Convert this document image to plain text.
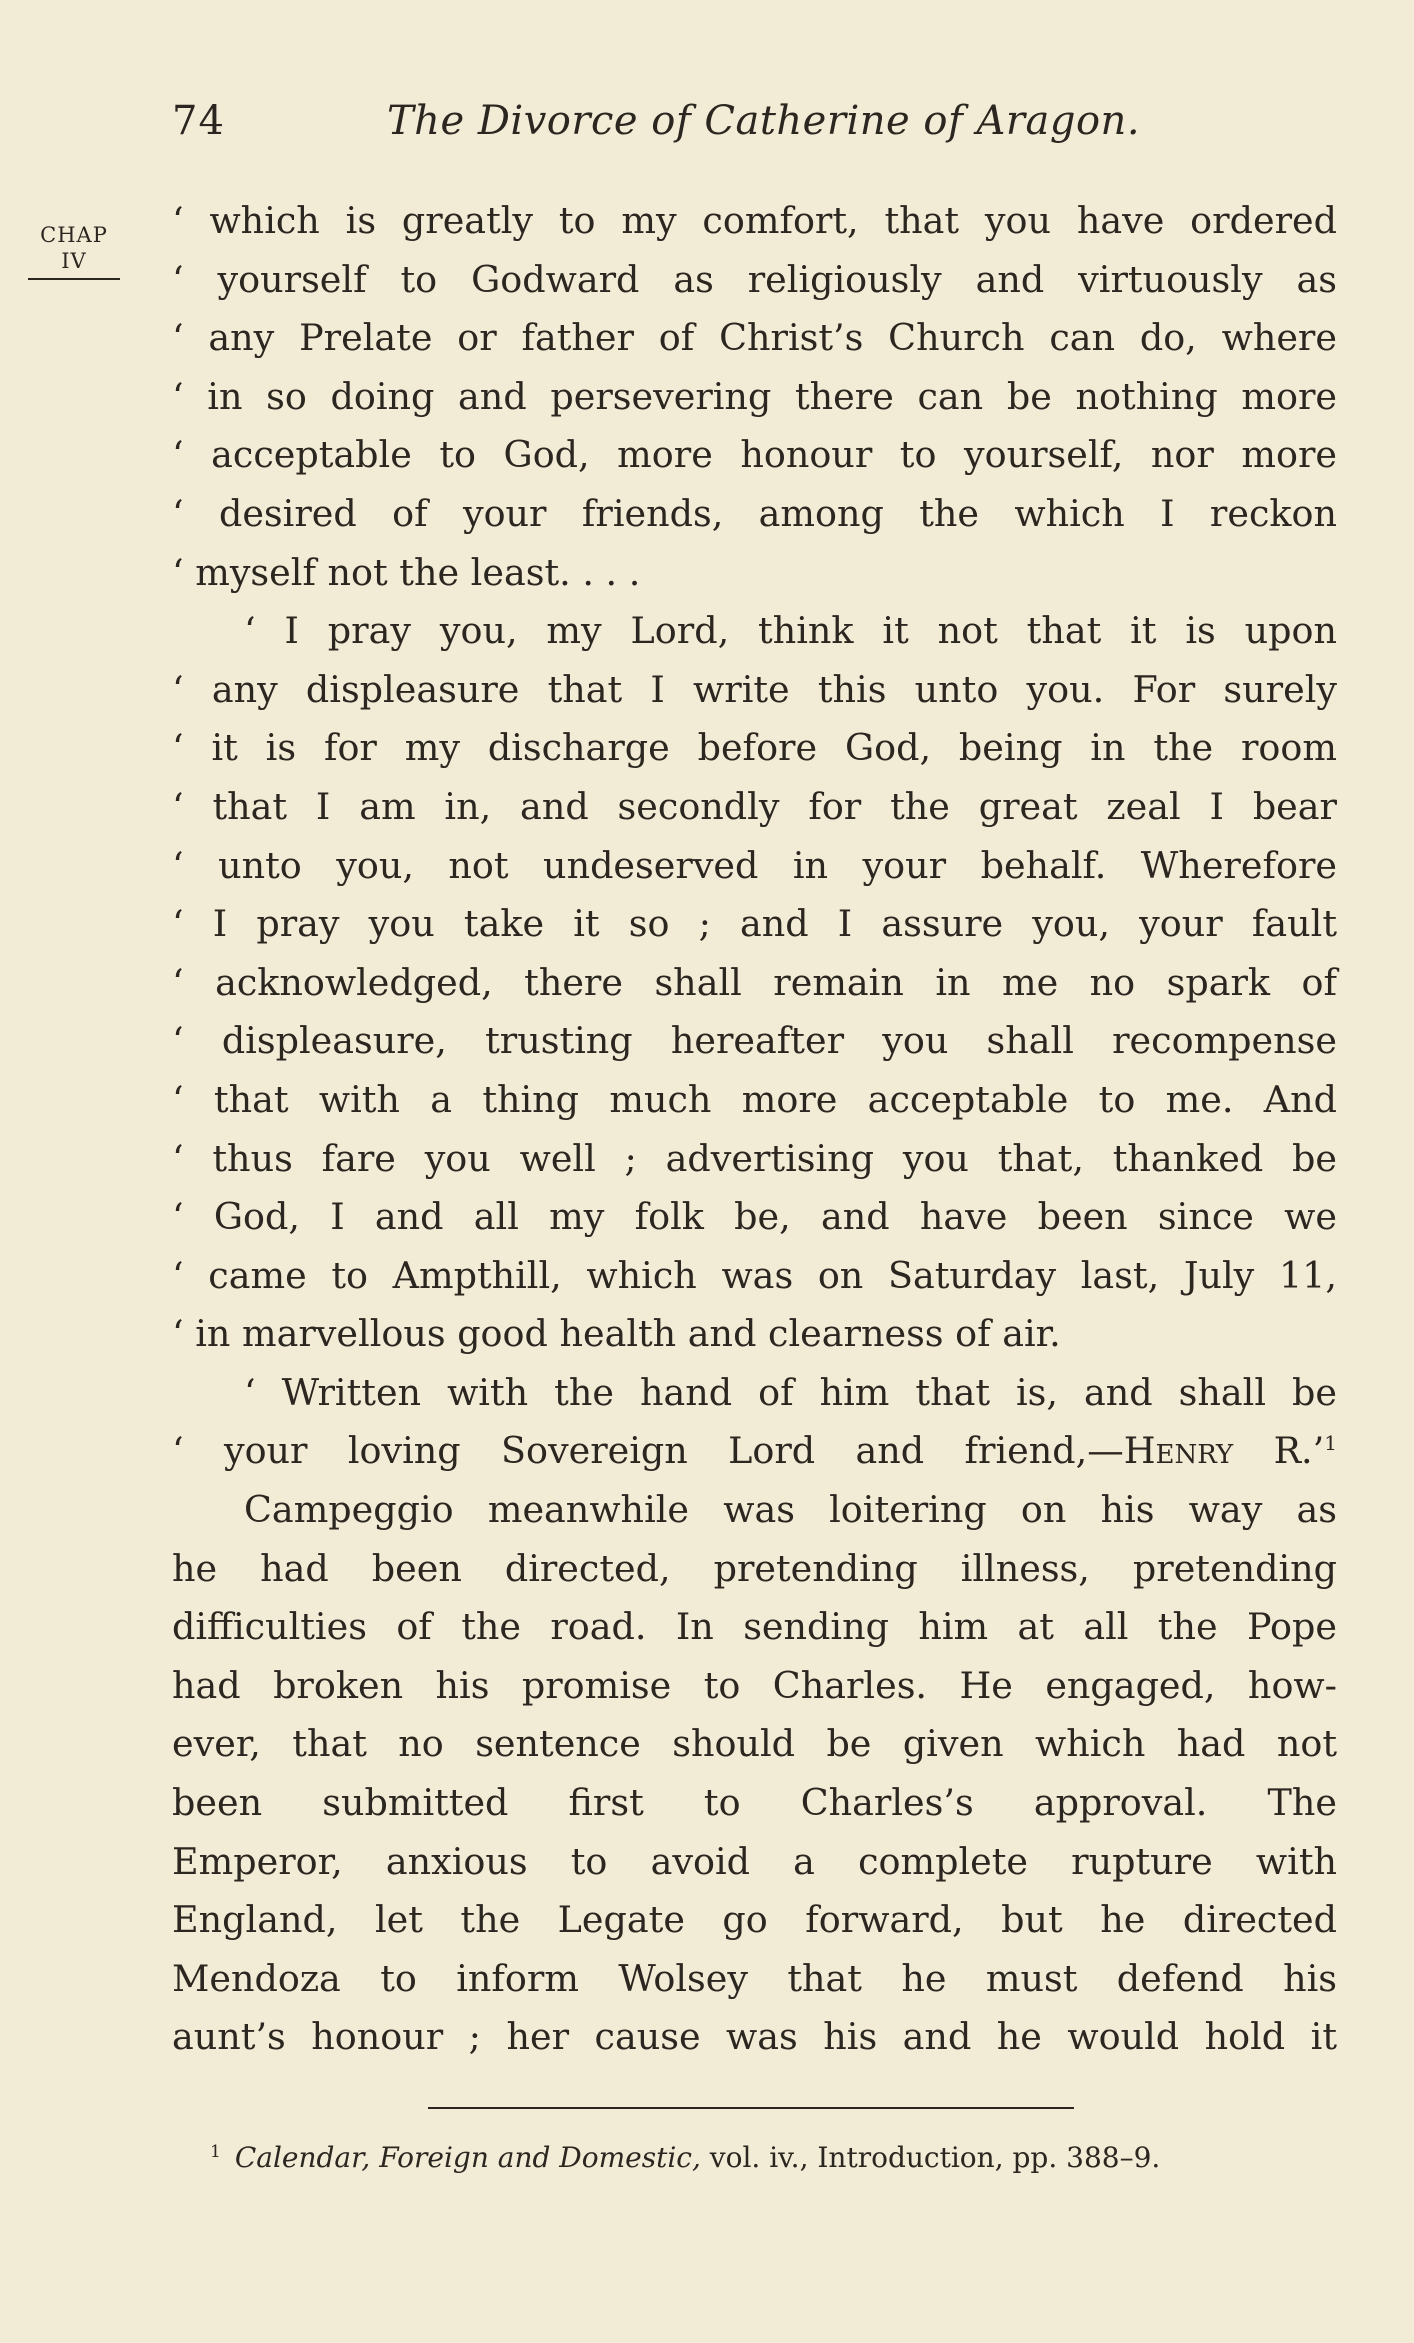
74	The Divorce of Catherine of Aragon.
CHAP
IV
‘ which is greatly to my comfort, that you have ordered
‘ yourself to Godward as religiously and virtuously as
‘ any Prelate or father of Christ’s Church can do, where
‘ in so doing and persevering there can be nothing more
‘ acceptable to God, more honour to yourself, nor more
‘ desired of your friends, among the which I reckon
‘ myself not the least. . . .
‘ I pray you, my Lord, think it not that it is upon
‘ any displeasure that I write this unto you. For surely
‘ it is for my discharge before God, being in the room
‘ that I am in, and secondly for the great zeal I bear
‘ unto you, not undeserved in your behalf. Wherefore
‘ I pray you take it so ; and I assure you, your fault
‘ acknowledged, there shall remain in me no spark of
‘ displeasure, trusting hereafter you shall recompense
‘ that with a thing much more acceptable to me. And
‘ thus fare you well ; advertising you that, thanked be
‘ God, I and all my folk be, and have been since we
‘ came to Ampthill, which was on Saturday last, July 11,
‘ in marvellous good health and clearness of air.
‘ Written with the hand of him that is, and shall be
‘ your loving Sovereign Lord and friend,—Henry R.’$^1$
Campeggio meanwhile was loitering on his way as
he had been directed, pretending illness, pretending
difficulties of the road. In sending him at all the Pope
had broken his promise to Charles. He engaged, how-
ever, that no sentence should be given which had not
been submitted first to Charles’s approval. The
Emperor, anxious to avoid a complete rupture with
England, let the Legate go forward, but he directed
Mendoza to inform Wolsey that he must defend his
aunt’s honour ; her cause was his and he would hold it
$^1$ Calendar, Foreign and Domestic, vol. iv., Introduction, pp. 388–9.
